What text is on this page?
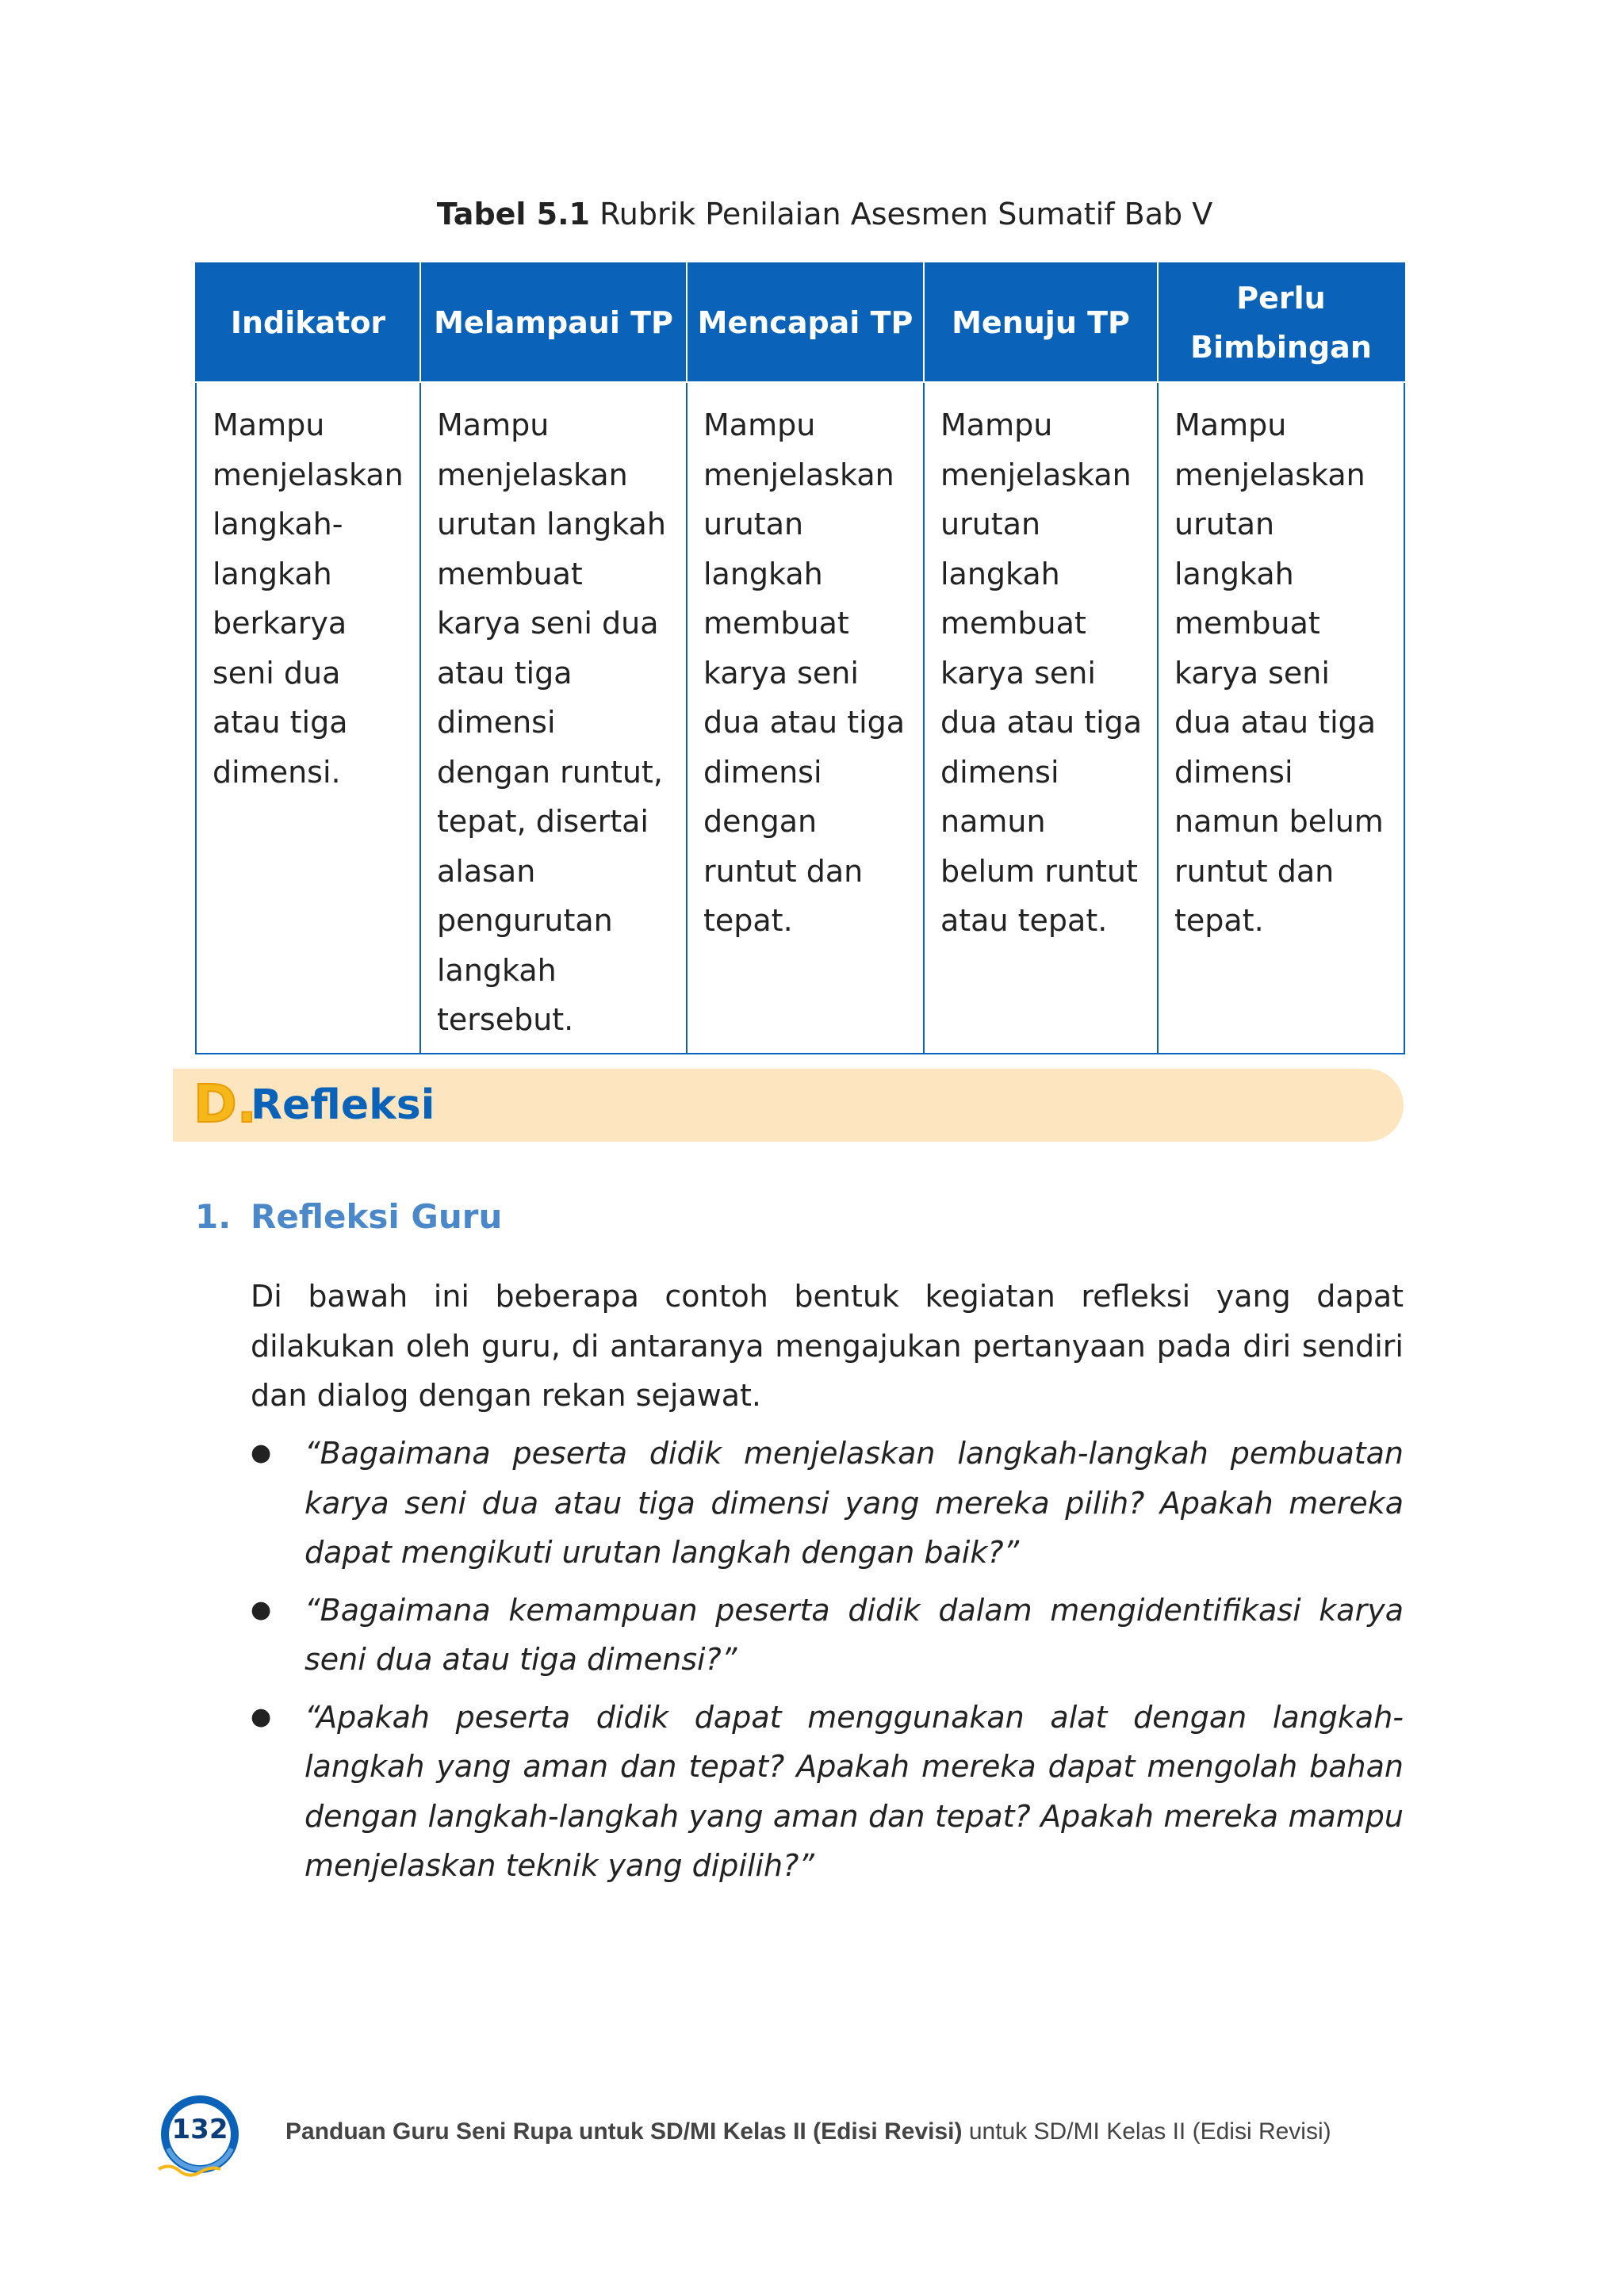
Tabel 5.1 Rubrik Penilaian Asesmen Sumatif Bab V
Indikator	Melampaui TP	Mencapai TP	Menuju TP	Perlu Bimbingan
Mampu menjelaskan langkah-langkah berkarya seni dua atau tiga dimensi.	Mampu menjelaskan urutan langkah membuat karya seni dua atau tiga dimensi dengan runtut, tepat, disertai alasan pengurutan langkah tersebut.	Mampu menjelaskan urutan langkah membuat karya seni dua atau tiga dimensi dengan runtut dan tepat.	Mampu menjelaskan urutan langkah membuat karya seni dua atau tiga dimensi namun belum runtut atau tepat.	Mampu menjelaskan urutan langkah membuat karya seni dua atau tiga dimensi namun belum runtut dan tepat.
D.
Refleksi
1. Refleksi Guru
Di bawah ini beberapa contoh bentuk kegiatan refleksi yang dapat dilakukan oleh guru, di antaranya mengajukan pertanyaan pada diri sendiri dan dialog dengan rekan sejawat.
● “Bagaimana peserta didik menjelaskan langkah-langkah pembuatan karya seni dua atau tiga dimensi yang mereka pilih? Apakah mereka dapat mengikuti urutan langkah dengan baik?”
● “Bagaimana kemampuan peserta didik dalam mengidentifikasi karya seni dua atau tiga dimensi?”
● “Apakah peserta didik dapat menggunakan alat dengan langkah-langkah yang aman dan tepat? Apakah mereka dapat mengolah bahan dengan langkah-langkah yang aman dan tepat? Apakah mereka mampu menjelaskan teknik yang dipilih?”
132	Panduan Guru Seni Rupa untuk SD/MI Kelas II (Edisi Revisi) untuk SD/MI Kelas II (Edisi Revisi)
